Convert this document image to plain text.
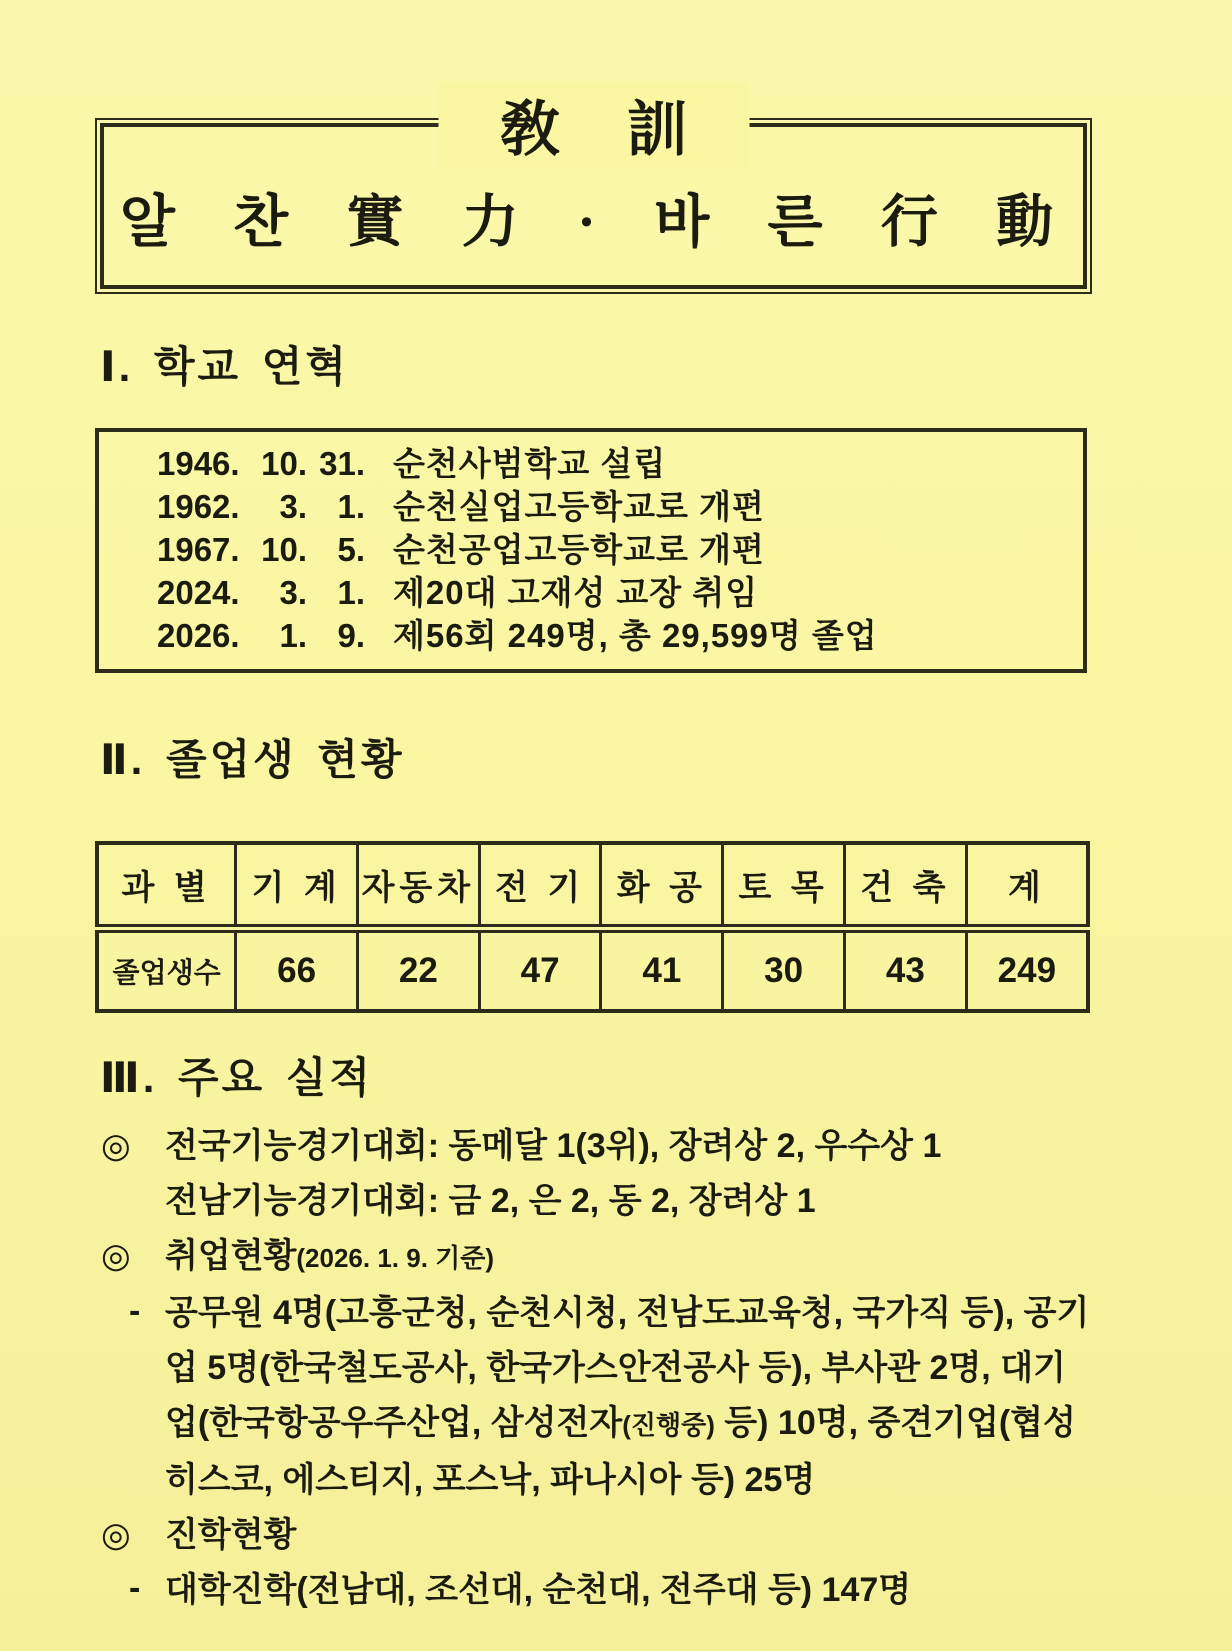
敎 訓
알 찬 實 力 · 바 른 行 動
Ⅰ. 학교 연혁
1946. 10. 31. 순천사범학교 설립
1962.	3. 1. 순천실업고등학교로 개편
1967. 10. 5. 순천공업고등학교로 개편
2024.	3. 1. 제20대 고재성 교장 취임
2026.	1. 9. 제56회 249명, 총 29,599명 졸업
Ⅱ. 졸업생 현황
과 별	기 계	자동차	전 기	화 공	토 목	건 축	계
졸업생수	66	22	47	41	30	43	249
Ⅲ. 주요 실적
◎ 전국기능경기대회: 동메달 1(3위), 장려상 2, 우수상 1
전남기능경기대회: 금 2, 은 2, 동 2, 장려상 1
◎ 취업현황(2026. 1. 9. 기준)
- 공무원 4명(고흥군청, 순천시청, 전남도교육청, 국가직 등), 공기
업 5명(한국철도공사, 한국가스안전공사 등), 부사관 2명, 대기
업(한국항공우주산업, 삼성전자(진행중) 등) 10명, 중견기업(협성
히스코, 에스티지, 포스낙, 파나시아 등) 25명
◎ 진학현황
- 대학진학(전남대, 조선대, 순천대, 전주대 등) 147명
